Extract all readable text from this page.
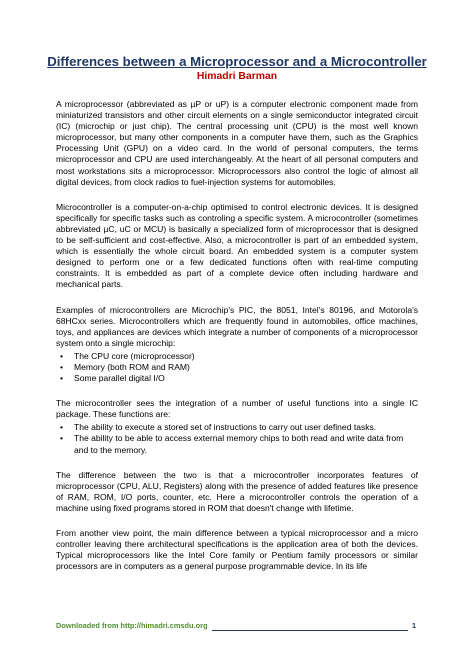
Differences between a Microprocessor and a Microcontroller
Himadri Barman

A microprocessor (abbreviated as µP or uP) is a computer electronic component made from miniaturized transistors and other circuit elements on a single semiconductor integrated circuit (IC) (microchip or just chip). The central processing unit (CPU) is the most well known microprocessor, but many other components in a computer have them, such as the Graphics Processing Unit (GPU) on a video card. In the world of personal computers, the terms microprocessor and CPU are used interchangeably. At the heart of all personal computers and most workstations sits a microprocessor. Microprocessors also control the logic of almost all digital devices, from clock radios to fuel-injection systems for automobiles.

Microcontroller is a computer-on-a-chip optimised to control electronic devices. It is designed specifically for specific tasks such as controling a specific system. A microcontroller (sometimes abbreviated µC, uC or MCU) is basically a specialized form of microprocessor that is designed to be self-sufficient and cost-effective. Also, a microcontroller is part of an embedded system, which is essentially the whole circuit board. An embedded system is a computer system designed to perform one or a few dedicated functions often with real-time computing constraints. It is embedded as part of a complete device often including hardware and mechanical parts.

Examples of microcontrollers are Microchip's PIC, the 8051, Intel's 80196, and Motorola's 68HCxx series. Microcontrollers which are frequently found in automobiles, office machines, toys, and appliances are devices which integrate a number of components of a microprocessor system onto a single microchip:

• The CPU core (microprocessor)
• Memory (both ROM and RAM)
• Some parallel digital I/O

The microcontroller sees the integration of a number of useful functions into a single IC package. These functions are:

• The ability to execute a stored set of instructions to carry out user defined tasks.
• The ability to be able to access external memory chips to both read and write data from and to the memory.

The difference between the two is that a microcontroller incorporates features of microprocessor (CPU, ALU, Registers) along with the presence of added features like presence of RAM, ROM, I/O ports, counter, etc. Here a microcontroller controls the operation of a machine using fixed programs stored in ROM that doesn't change with lifetime.

From another view point, the main difference between a typical microprocessor and a micro controller leaving there architectural specifications is the application area of both the devices. Typical microprocessors like the Intel Core family or Pentium family processors or similar processors are in computers as a general purpose programmable device. In its life

Downloaded from http://himadri.cmsdu.org	1
